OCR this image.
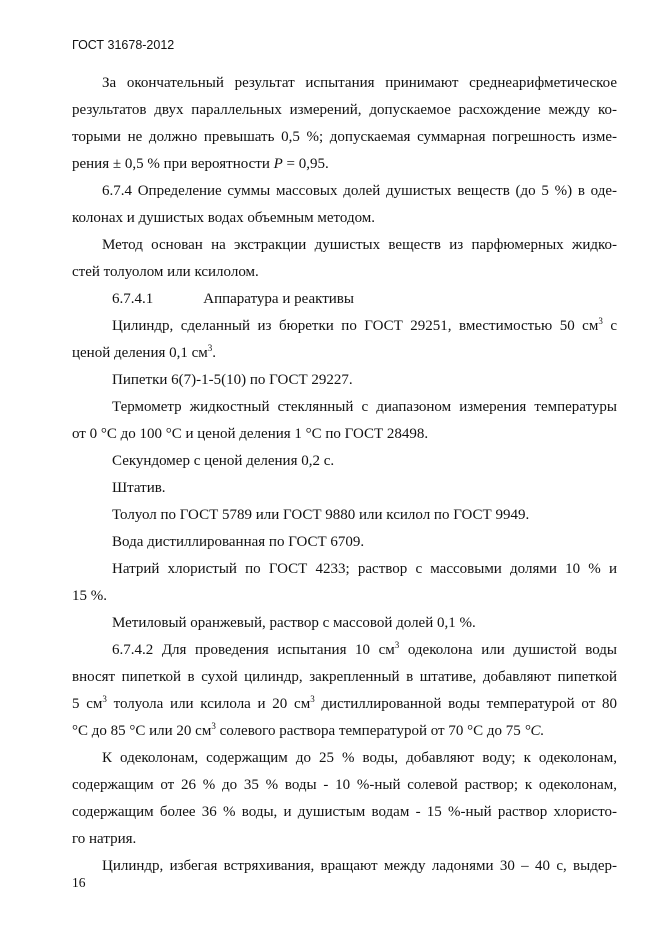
ГОСТ 31678-2012

За окончательный результат испытания принимают среднеарифметическое

результатов двух параллельных измерений, допускаемое расхождение между ко-

торыми не должно превышать 0,5 %; допускаемая суммарная погрешность изме-

рения ± 0,5 % при вероятности P = 0,95.

6.7.4 Определение суммы массовых долей душистых веществ (до 5 %) в оде-

колонах и душистых водах объемным методом.

Метод основан на экстракции душистых веществ из парфюмерных жидко-

стей толуолом или ксилолом.

6.7.4.1	Аппаратура и реактивы

Цилиндр, сделанный из бюретки по ГОСТ 29251, вместимостью 50 $см^3$ с

ценой деления 0,1 $см^3$.

Пипетки 6(7)-1-5(10) по ГОСТ 29227.

Термометр жидкостный стеклянный с диапазоном измерения температуры

от 0 °С до 100 °С и ценой деления 1 °С по ГОСТ 28498.

Секундомер с ценой деления 0,2 с.

Штатив.

Толуол по ГОСТ 5789 или ГОСТ 9880 или ксилол по ГОСТ 9949.

Вода дистиллированная по ГОСТ 6709.

Натрий хлористый по ГОСТ 4233; раствор с массовыми долями 10 % и

15 %.

Метиловый оранжевый, раствор с массовой долей 0,1 %.

6.7.4.2 Для проведения испытания 10 $см^3$ одеколона или душистой воды

вносят пипеткой в сухой цилиндр, закрепленный в штативе, добавляют пипеткой

5 $см^3$ толуола или ксилола и 20 $см^3$ дистиллированной воды температурой от 80

°С до 85 °С или 20 $см^3$ солевого раствора температурой от 70 °С до 75 °С.

К одеколонам, содержащим до 25 % воды, добавляют воду; к одеколонам,

содержащим от 26 % до 35 % воды - 10 %-ный солевой раствор; к одеколонам,

содержащим более 36 % воды, и душистым водам - 15 %-ный раствор хлористо-

го натрия.

Цилиндр, избегая встряхивания, вращают между ладонями 30 – 40 с, выдер-

16
